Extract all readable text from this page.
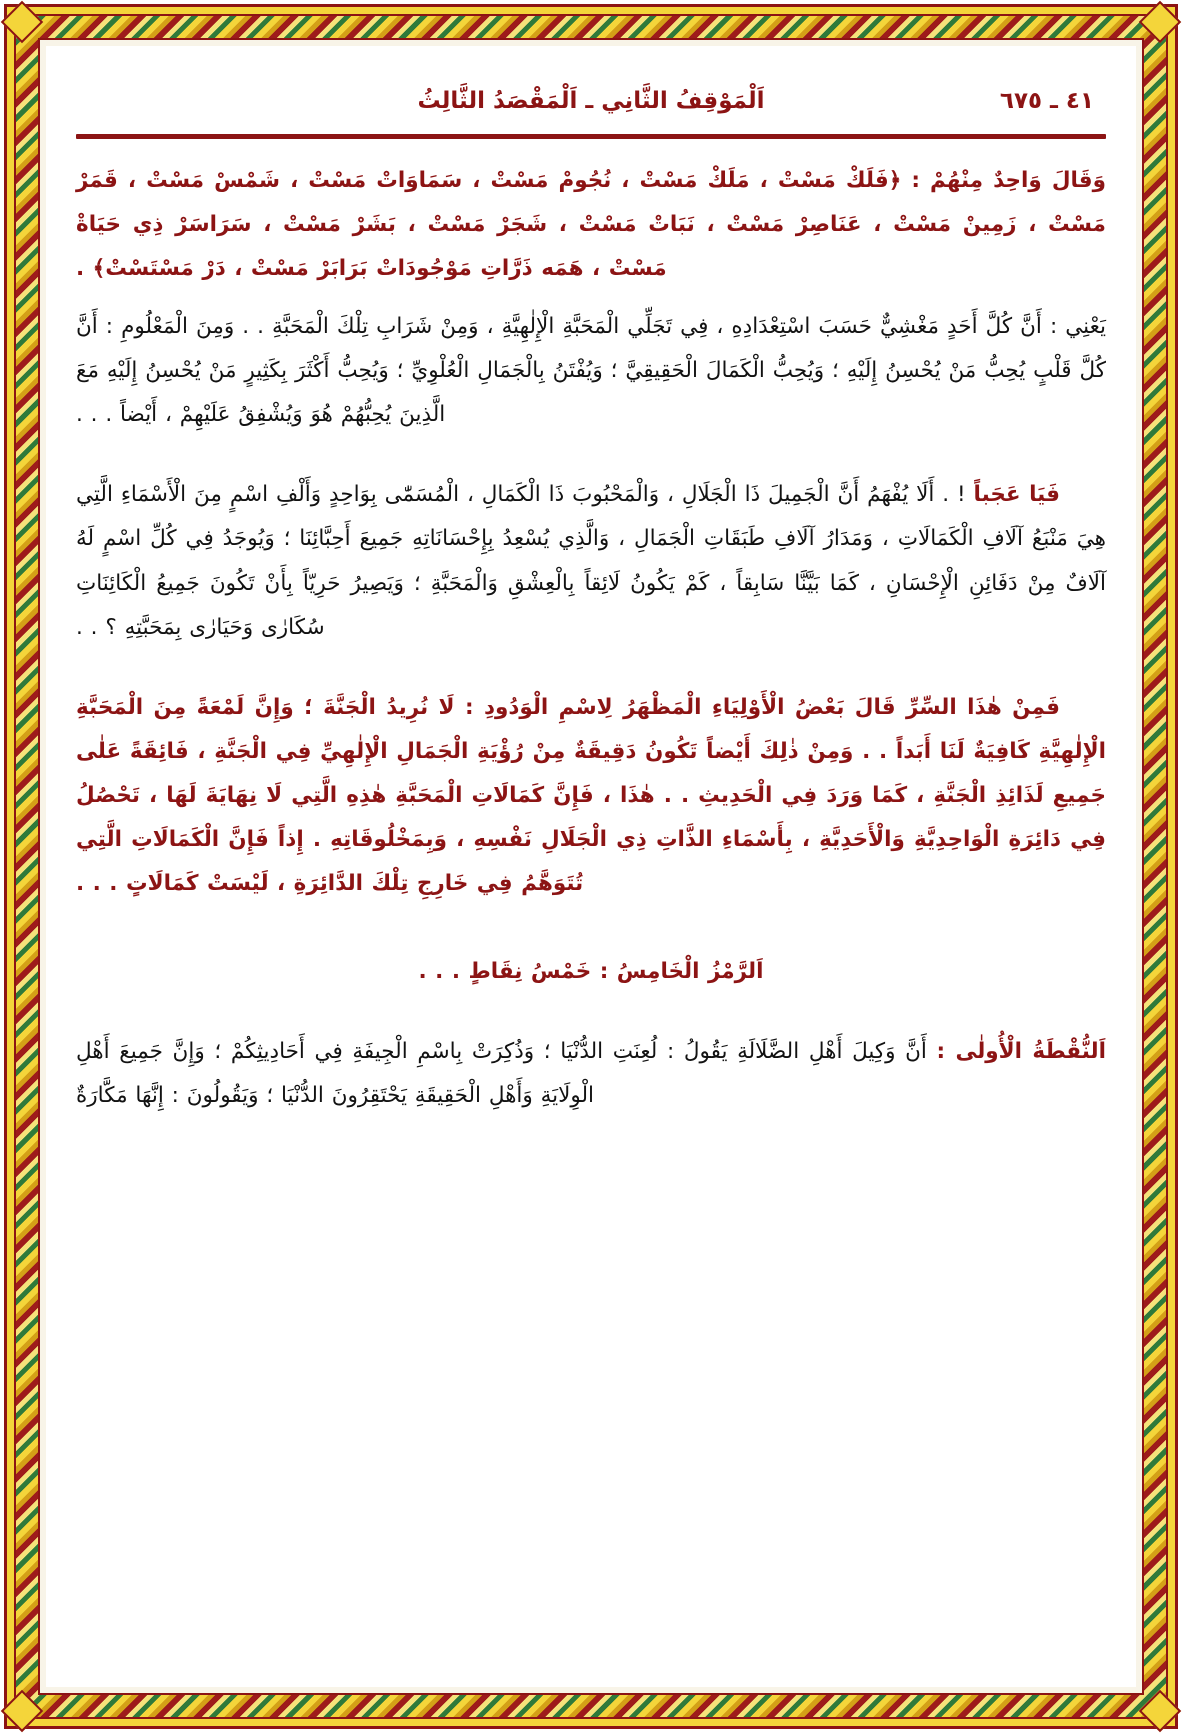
اَلْمَوْقِفُ الثَّانِي ـ اَلْمَقْصَدُ الثَّالِثُ	٤١ ـ ٦٧٥

وَقَالَ وَاحِدٌ مِنْهُمْ : ﴿فَلَكْ مَسْتْ ، مَلَكْ مَسْتْ ، نُجُومْ مَسْتْ ، سَمَاوَاتْ مَسْتْ ، شَمْسْ مَسْتْ ، قَمَرْ مَسْتْ ، زَمِينْ مَسْتْ ، عَنَاصِرْ مَسْتْ ، نَبَاتْ مَسْتْ ، شَجَرْ مَسْتْ ، بَشَرْ مَسْتْ ، سَرَاسَرْ ذِي حَيَاةْ مَسْتْ ، هَمَه ذَرَّاتِ مَوْجُودَاتْ بَرَابَرْ مَسْتْ ، دَرْ مَسْتَسْتْ﴾ .

يَعْنِي : أَنَّ كُلَّ أَحَدٍ مَغْشِيٌّ حَسَبَ اسْتِعْدَادِهِ ، فِي تَجَلِّي الْمَحَبَّةِ الْإِلٰهِيَّةِ ، وَمِنْ شَرَابِ تِلْكَ الْمَحَبَّةِ . . وَمِنَ الْمَعْلُومِ : أَنَّ كُلَّ قَلْبٍ يُحِبُّ مَنْ يُحْسِنُ إِلَيْهِ ؛ وَيُحِبُّ الْكَمَالَ الْحَقِيقِيَّ ؛ وَيُفْتَنُ بِالْجَمَالِ الْعُلْوِيِّ ؛ وَيُحِبُّ أَكْثَرَ بِكَثِيرٍ مَنْ يُحْسِنُ إِلَيْهِ مَعَ الَّذِينَ يُحِبُّهُمْ هُوَ وَيُشْفِقُ عَلَيْهِمْ ، أَيْضاً . . .

فَيَا عَجَباً ! . أَلَا يُفْهَمُ أَنَّ الْجَمِيلَ ذَا الْجَلَالِ ، وَالْمَحْبُوبَ ذَا الْكَمَالِ ، الْمُسَمّٰى بِوَاحِدٍ وَأَلْفِ اسْمٍ مِنَ الْأَسْمَاءِ الَّتِي هِيَ مَنْبَعُ آلَافِ الْكَمَالَاتِ ، وَمَدَارُ آلَافِ طَبَقَاتِ الْجَمَالِ ، وَالَّذِي يُسْعِدُ بِإِحْسَانَاتِهِ جَمِيعَ أَحِبَّائِنَا ؛ وَيُوجَدُ فِي كُلِّ اسْمٍ لَهُ آلَافٌ مِنْ دَفَائِنِ الْإِحْسَانِ ، كَمَا بَيَّنَّا سَابِقاً ، كَمْ يَكُونُ لَائِقاً بِالْعِشْقِ وَالْمَحَبَّةِ ؛ وَيَصِيرُ حَرِيّاً بِأَنْ تَكُونَ جَمِيعُ الْكَائِنَاتِ سُكَارٰى وَحَيَارٰى بِمَحَبَّتِهِ ؟ . .

فَمِنْ هٰذَا السِّرِّ قَالَ بَعْضُ الْأَوْلِيَاءِ الْمَظْهَرُ لِاسْمِ الْوَدُودِ : لَا نُرِيدُ الْجَنَّةَ ؛ وَإِنَّ لَمْعَةً مِنَ الْمَحَبَّةِ الْإِلٰهِيَّةِ كَافِيَةٌ لَنَا أَبَداً . . وَمِنْ ذٰلِكَ أَيْضاً تَكُونُ دَقِيقَةٌ مِنْ رُؤْيَةِ الْجَمَالِ الْإِلٰهِيِّ فِي الْجَنَّةِ ، فَائِقَةً عَلٰى جَمِيعِ لَذَائِذِ الْجَنَّةِ ، كَمَا وَرَدَ فِي الْحَدِيثِ . . هٰذَا ، فَإِنَّ كَمَالَاتِ الْمَحَبَّةِ هٰذِهِ الَّتِي لَا نِهَايَةَ لَهَا ، تَحْصُلُ فِي دَائِرَةِ الْوَاحِدِيَّةِ وَالْأَحَدِيَّةِ ، بِأَسْمَاءِ الذَّاتِ ذِي الْجَلَالِ نَفْسِهِ ، وَبِمَخْلُوقَاتِهِ . إِذاً فَإِنَّ الْكَمَالَاتِ الَّتِي تُتَوَهَّمُ فِي خَارِجِ تِلْكَ الدَّائِرَةِ ، لَيْسَتْ كَمَالَاتٍ . . .

اَلرَّمْزُ الْخَامِسُ : خَمْسُ نِقَاطٍ . . .

اَلنُّقْطَةُ الْأُولٰى : أَنَّ وَكِيلَ أَهْلِ الضَّلَالَةِ يَقُولُ : لُعِنَتِ الدُّنْيَا ؛ وَذُكِرَتْ بِاسْمِ الْجِيفَةِ فِي أَحَادِيثِكُمْ ؛ وَإِنَّ جَمِيعَ أَهْلِ الْوِلَايَةِ وَأَهْلِ الْحَقِيقَةِ يَحْتَقِرُونَ الدُّنْيَا ؛ وَيَقُولُونَ : إِنَّهَا مَكَّارَةٌ
